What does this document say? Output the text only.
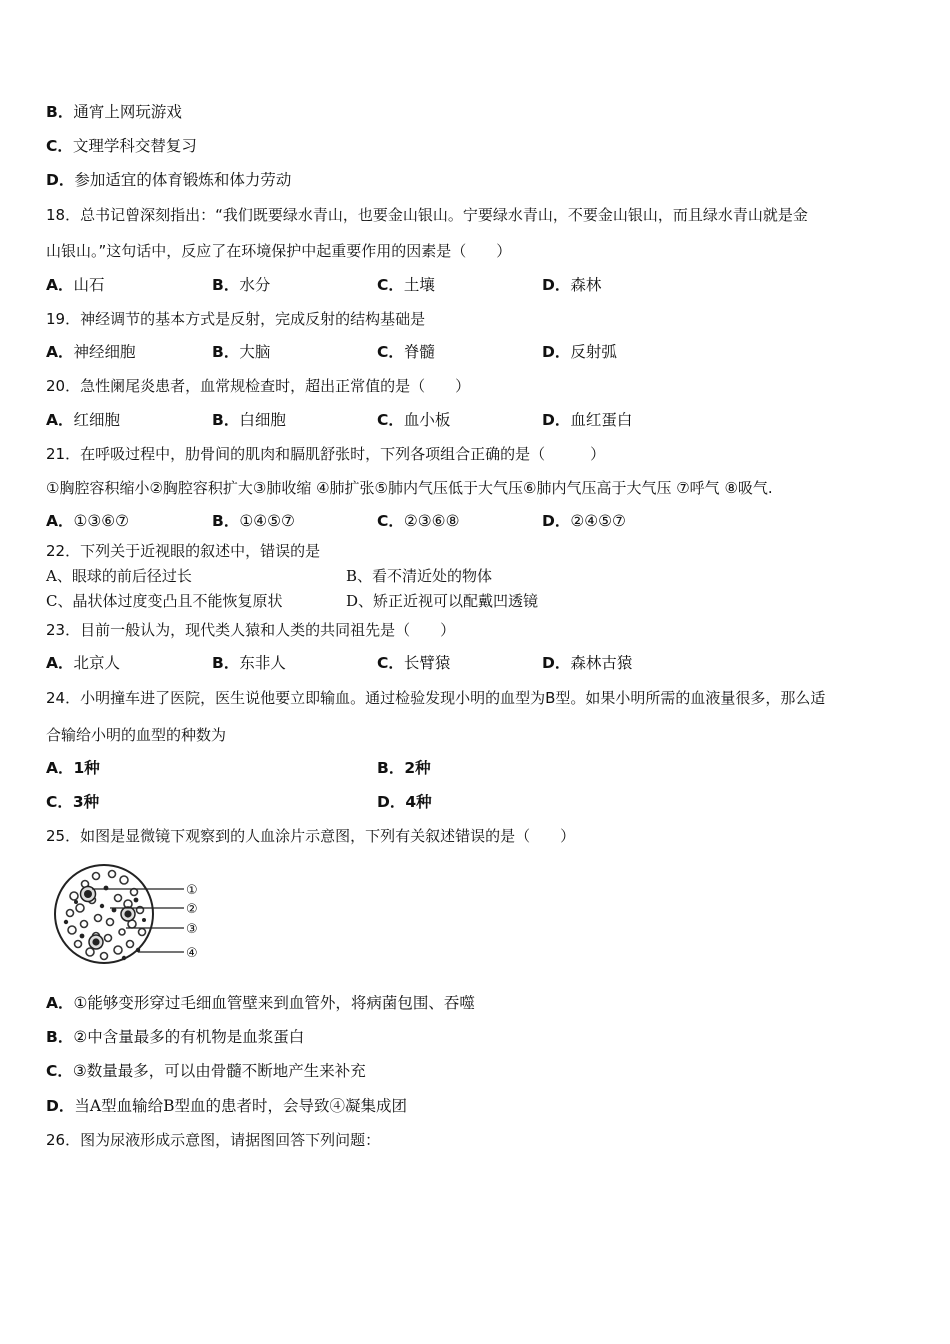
B．通宵上网玩游戏
C．文理学科交替复习
D．参加适宜的体育锻炼和体力劳动
18．总书记曾深刻指出：“我们既要绿水青山，也要金山银山。宁要绿水青山，不要金山银山，而且绿水青山就是金
山银山。”这句话中，反应了在环境保护中起重要作用的因素是（　　）
A．山石	B．水分	C．土壤	D．森林
19．神经调节的基本方式是反射，完成反射的结构基础是
A．神经细胞	B．大脑	C．脊髓	D．反射弧
20．急性阑尾炎患者，血常规检查时，超出正常值的是（　　）
A．红细胞	B．白细胞	C．血小板	D．血红蛋白
21．在呼吸过程中，肋骨间的肌肉和膈肌舒张时，下列各项组合正确的是（　　　）
①胸腔容积缩小②胸腔容积扩大③肺收缩 ④肺扩张⑤肺内气压低于大气压⑥肺内气压高于大气压 ⑦呼气 ⑧吸气.
A．①③⑥⑦	B．①④⑤⑦	C．②③⑥⑧	D．②④⑤⑦
22．下列关于近视眼的叙述中，错误的是
A、眼球的前后径过长	B、看不清近处的物体
C、晶状体过度变凸且不能恢复原状	D、矫正近视可以配戴凹透镜
23．目前一般认为，现代类人猿和人类的共同祖先是（　　）
A．北京人	B．东非人	C．长臂猿	D．森林古猿
24．小明撞车进了医院，医生说他要立即输血。通过检验发现小明的血型为B型。如果小明所需的血液量很多，那么适
合输给小明的血型的种数为
A．1种	B．2种
C．3种	D．4种
25．如图是显微镜下观察到的人血涂片示意图，下列有关叙述错误的是（　　）
①
②
③
④
A．①能够变形穿过毛细血管壁来到血管外，将病菌包围、吞噬
B．②中含量最多的有机物是血浆蛋白
C．③数量最多，可以由骨髓不断地产生来补充
D．当A型血输给B型血的患者时，会导致④凝集成团
26．图为尿液形成示意图，请据图回答下列问题：
